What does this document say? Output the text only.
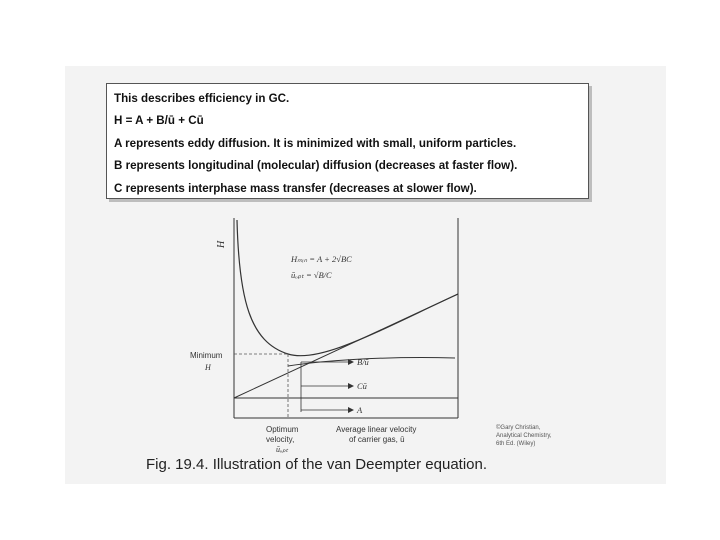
This describes efficiency in GC.
H = A + B/ū + Cū
A represents eddy diffusion. It is minimized with small, uniform particles.
B represents longitudinal (molecular) diffusion (decreases at faster flow).
C represents interphase mass transfer (decreases at slower flow).
H
Hₘᵢₙ = A + 2√BC
ūₒₚₜ = √B/C
B/ū
Cū
A
Minimum
H
Optimum
velocity,
ūₒₚₜ
Average linear velocity
of carrier gas, ū
©Gary Christian,
Analytical Chemistry,
6th Ed. (Wiley)
Fig. 19.4. Illustration of the van Deempter equation.
